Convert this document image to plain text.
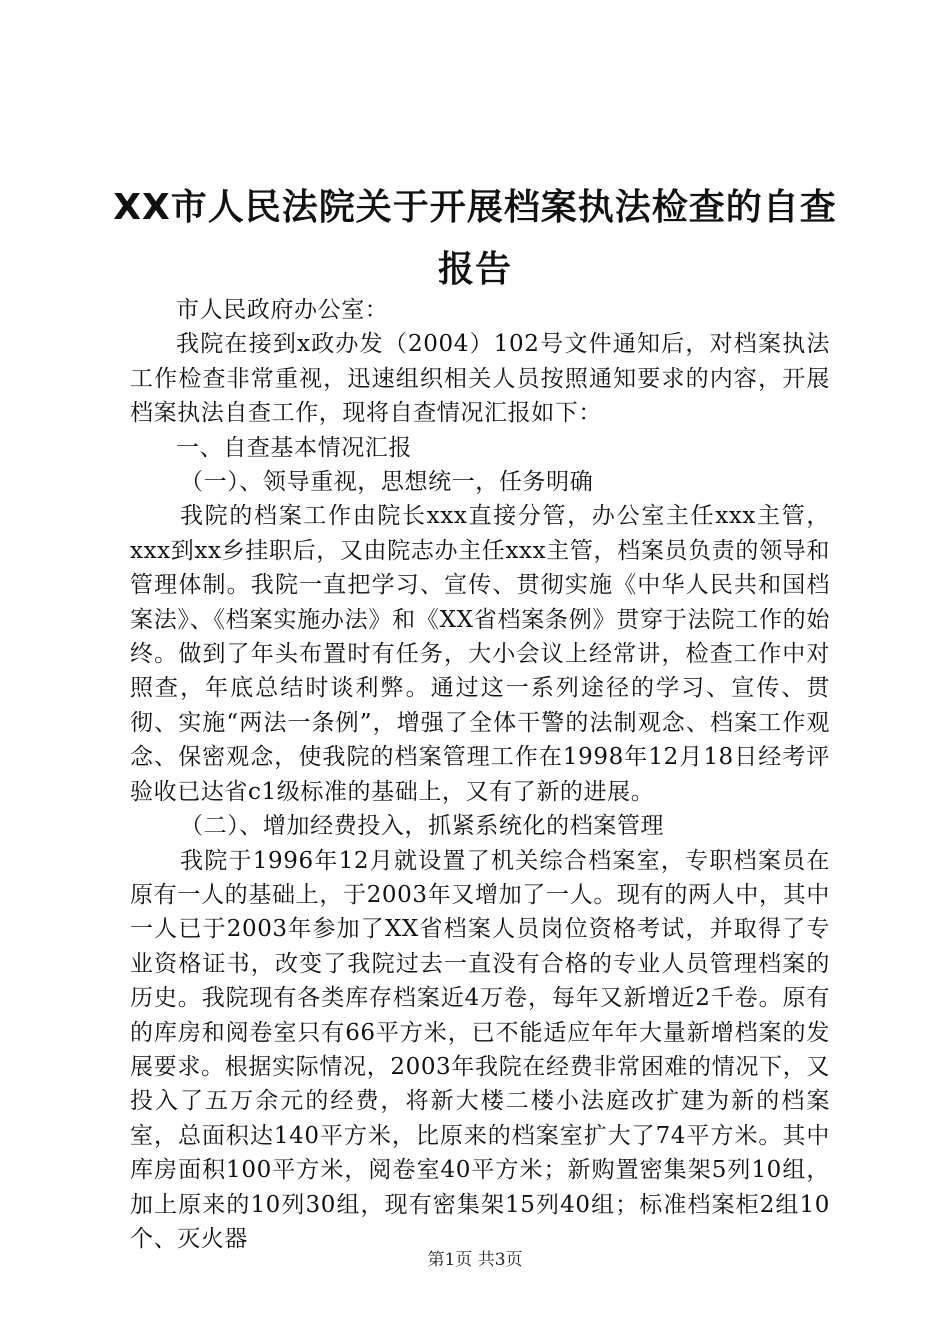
XX市人民法院关于开展档案执法检查的自查
报告

市人民政府办公室：

我院在接到x政办发（2004）102号文件通知后，对档案执法工作检查非常重视，迅速组织相关人员按照通知要求的内容，开展档案执法自查工作，现将自查情况汇报如下：

一、自查基本情况汇报

（一）、领导重视，思想统一，任务明确

我院的档案工作由院长xxx直接分管，办公室主任xxx主管，xxx到xx乡挂职后，又由院志办主任xxx主管，档案员负责的领导和管理体制。我院一直把学习、宣传、贯彻实施《中华人民共和国档案法》、《档案实施办法》和《XX省档案条例》贯穿于法院工作的始终。做到了年头布置时有任务，大小会议上经常讲，检查工作中对照查，年底总结时谈利弊。通过这一系列途径的学习、宣传、贯彻、实施“两法一条例”，增强了全体干警的法制观念、档案工作观念、保密观念，使我院的档案管理工作在1998年12月18日经考评验收已达省c1级标准的基础上，又有了新的进展。

（二）、增加经费投入，抓紧系统化的档案管理

我院于1996年12月就设置了机关综合档案室，专职档案员在原有一人的基础上，于2003年又增加了一人。现有的两人中，其中一人已于2003年参加了XX省档案人员岗位资格考试，并取得了专业资格证书，改变了我院过去一直没有合格的专业人员管理档案的历史。我院现有各类库存档案近4万卷，每年又新增近2千卷。原有的库房和阅卷室只有66平方米，已不能适应年年大量新增档案的发展要求。根据实际情况，2003年我院在经费非常困难的情况下，又投入了五万余元的经费，将新大楼二楼小法庭改扩建为新的档案室，总面积达140平方米，比原来的档案室扩大了74平方米。其中库房面积100平方米，阅卷室40平方米；新购置密集架5列10组，加上原来的10列30组，现有密集架15列40组；标准档案柜2组10个、灭火器

第1页 共3页
